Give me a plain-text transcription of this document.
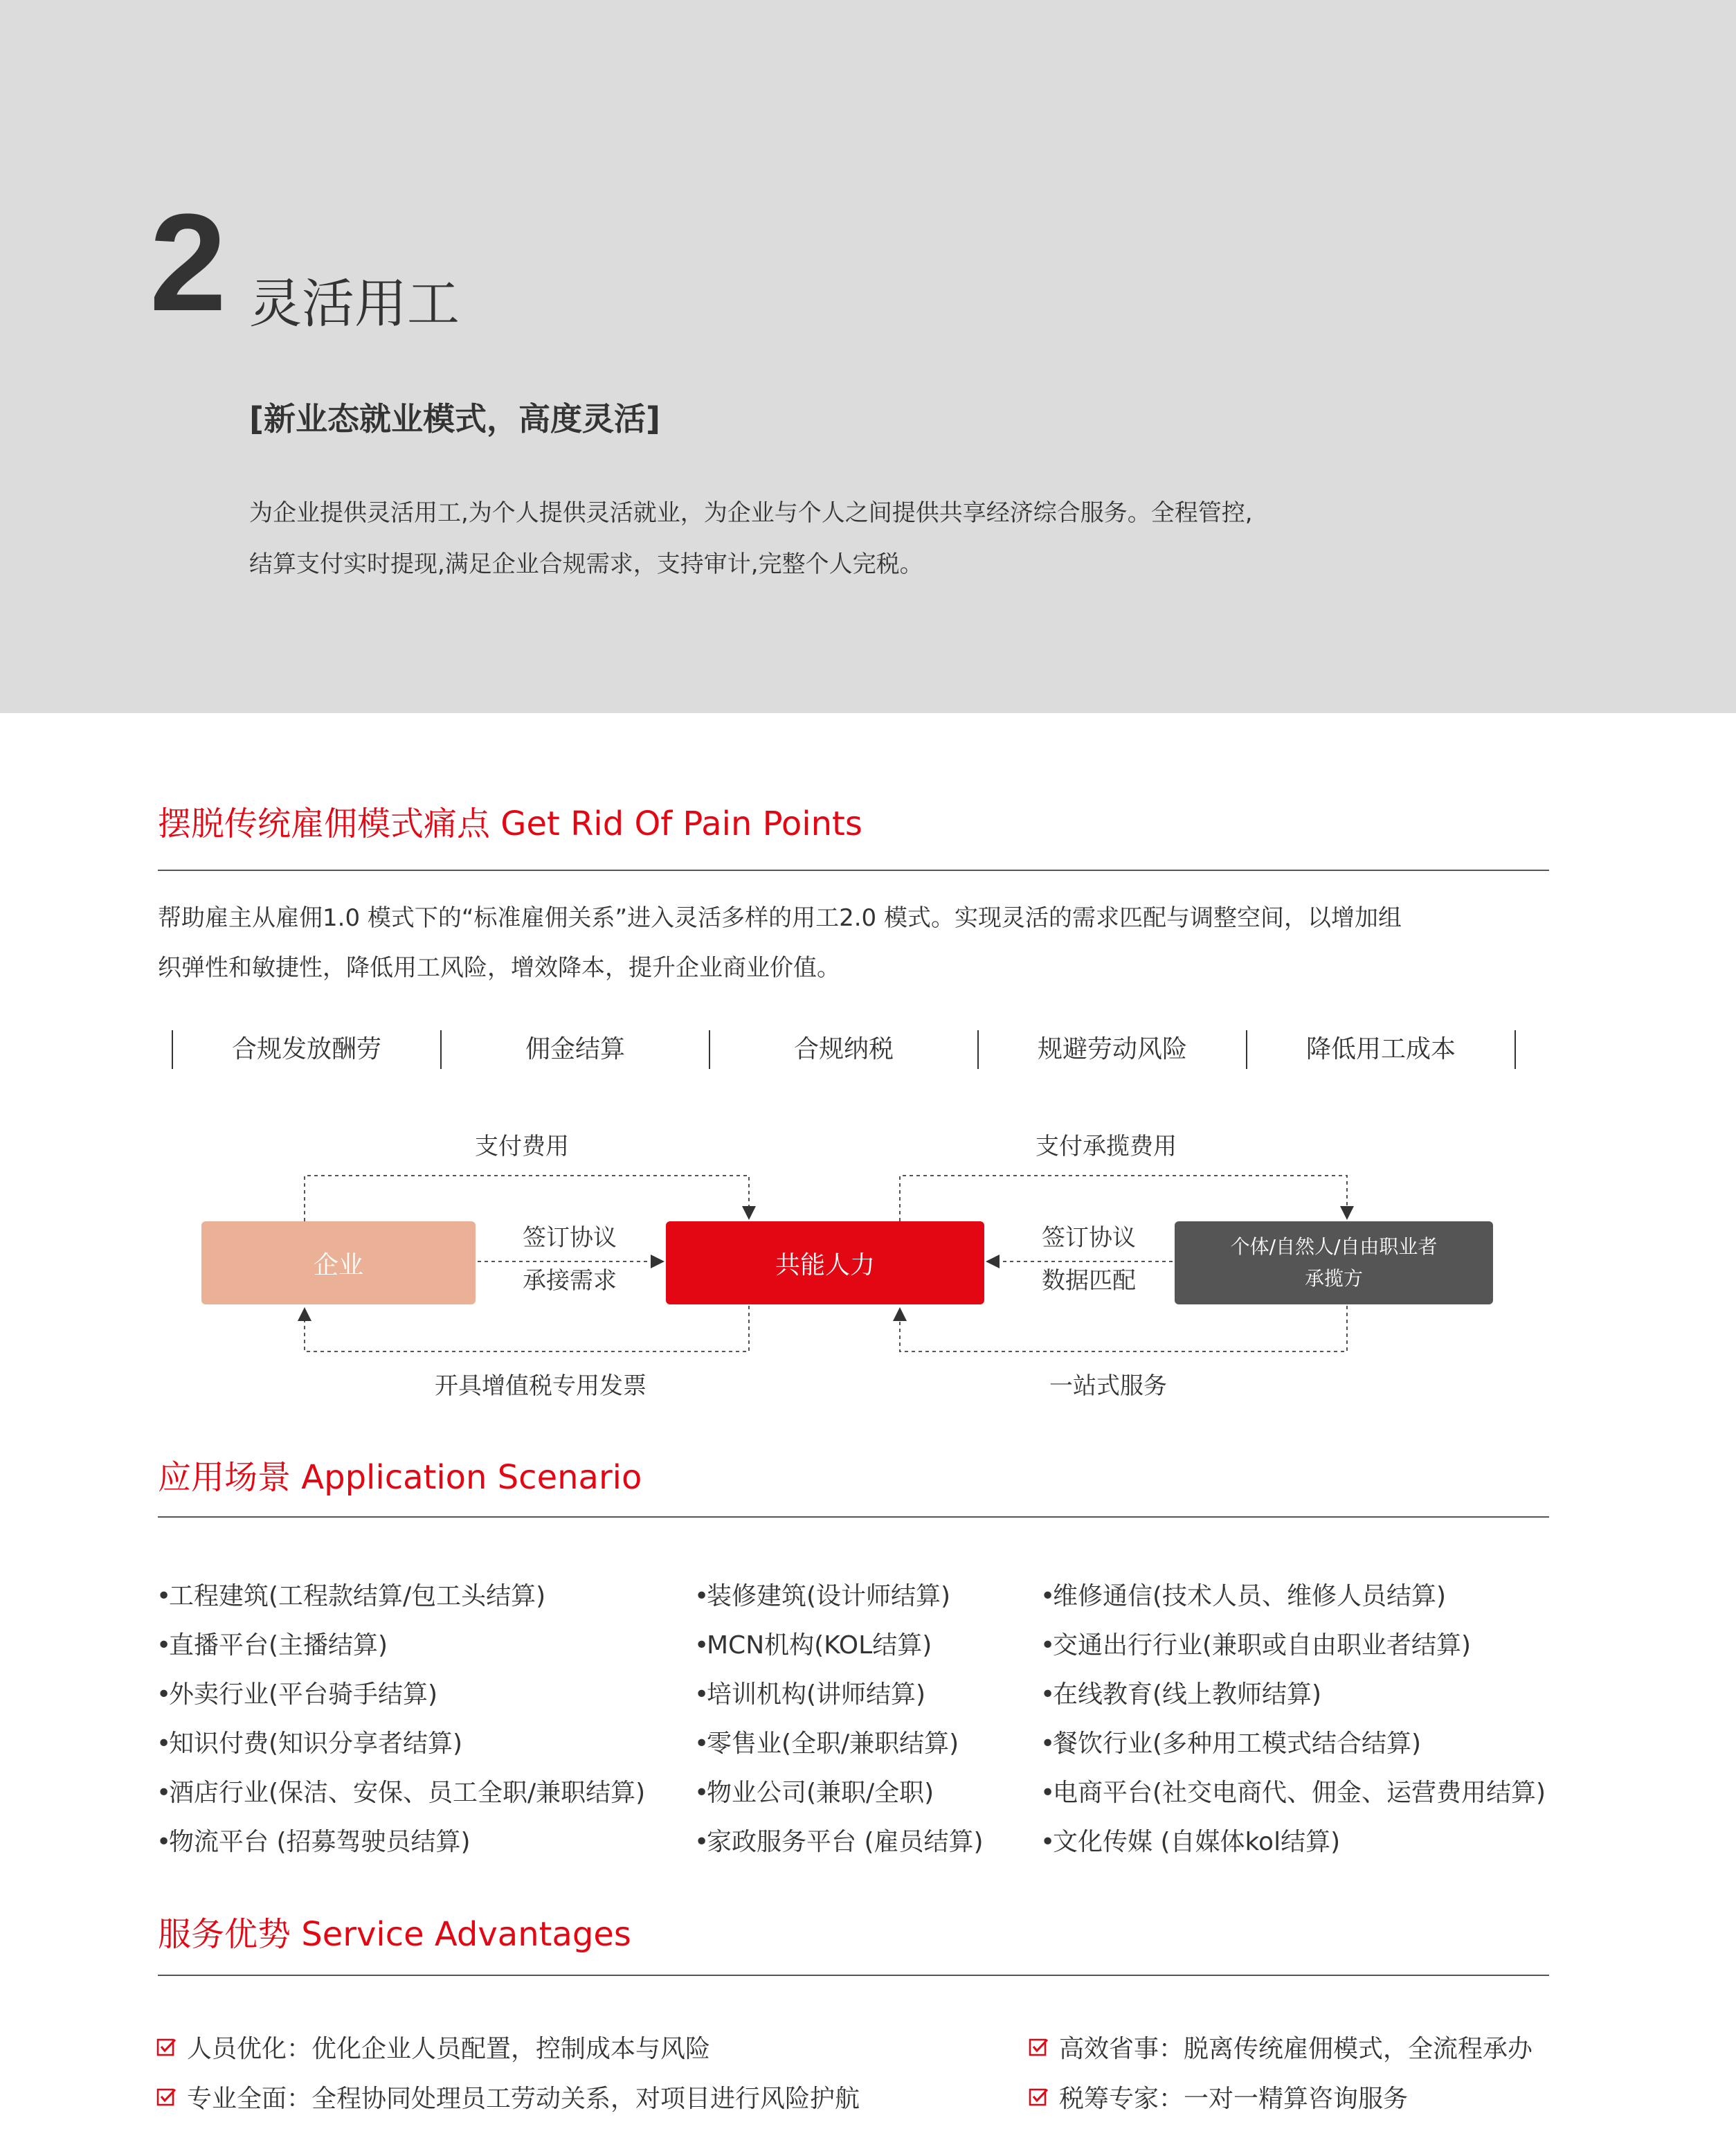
2 灵活用工
[新业态就业模式，高度灵活]
为企业提供灵活用工,为个人提供灵活就业，为企业与个人之间提供共享经济综合服务。全程管控,
结算支付实时提现,满足企业合规需求，支持审计,完整个人完税。
摆脱传统雇佣模式痛点 Get Rid Of Pain Points
帮助雇主从雇佣1.0 模式下的“标准雇佣关系”进入灵活多样的用工2.0 模式。实现灵活的需求匹配与调整空间，以增加组
织弹性和敏捷性，降低用工风险，增效降本，提升企业商业价值。
合规发放酬劳	佣金结算	合规纳税	规避劳动风险	降低用工成本
支付费用	支付承揽费用
企业	共能人力
个体/自然人/自由职业者
承揽方
签订协议
承接需求
签订协议
数据匹配
开具增值税专用发票	一站式服务
应用场景 Application Scenario
•工程建筑(工程款结算/包工头结算)
•直播平台(主播结算)
•外卖行业(平台骑手结算)
•知识付费(知识分享者结算)
•酒店行业(保洁、安保、员工全职/兼职结算)
•物流平台 (招募驾驶员结算)
•装修建筑(设计师结算)
•MCN机构(KOL结算)
•培训机构(讲师结算)
•零售业(全职/兼职结算)
•物业公司(兼职/全职)
•家政服务平台 (雇员结算)
•维修通信(技术人员、维修人员结算)
•交通出行行业(兼职或自由职业者结算)
•在线教育(线上教师结算)
•餐饮行业(多种用工模式结合结算)
•电商平台(社交电商代、佣金、运营费用结算)
•文化传媒 (自媒体kol结算)
服务优势 Service Advantages
人员优化：优化企业人员配置，控制成本与风险
专业全面：全程协同处理员工劳动关系，对项目进行风险护航
高效省事：脱离传统雇佣模式，全流程承办
税筹专家：一对一精算咨询服务
